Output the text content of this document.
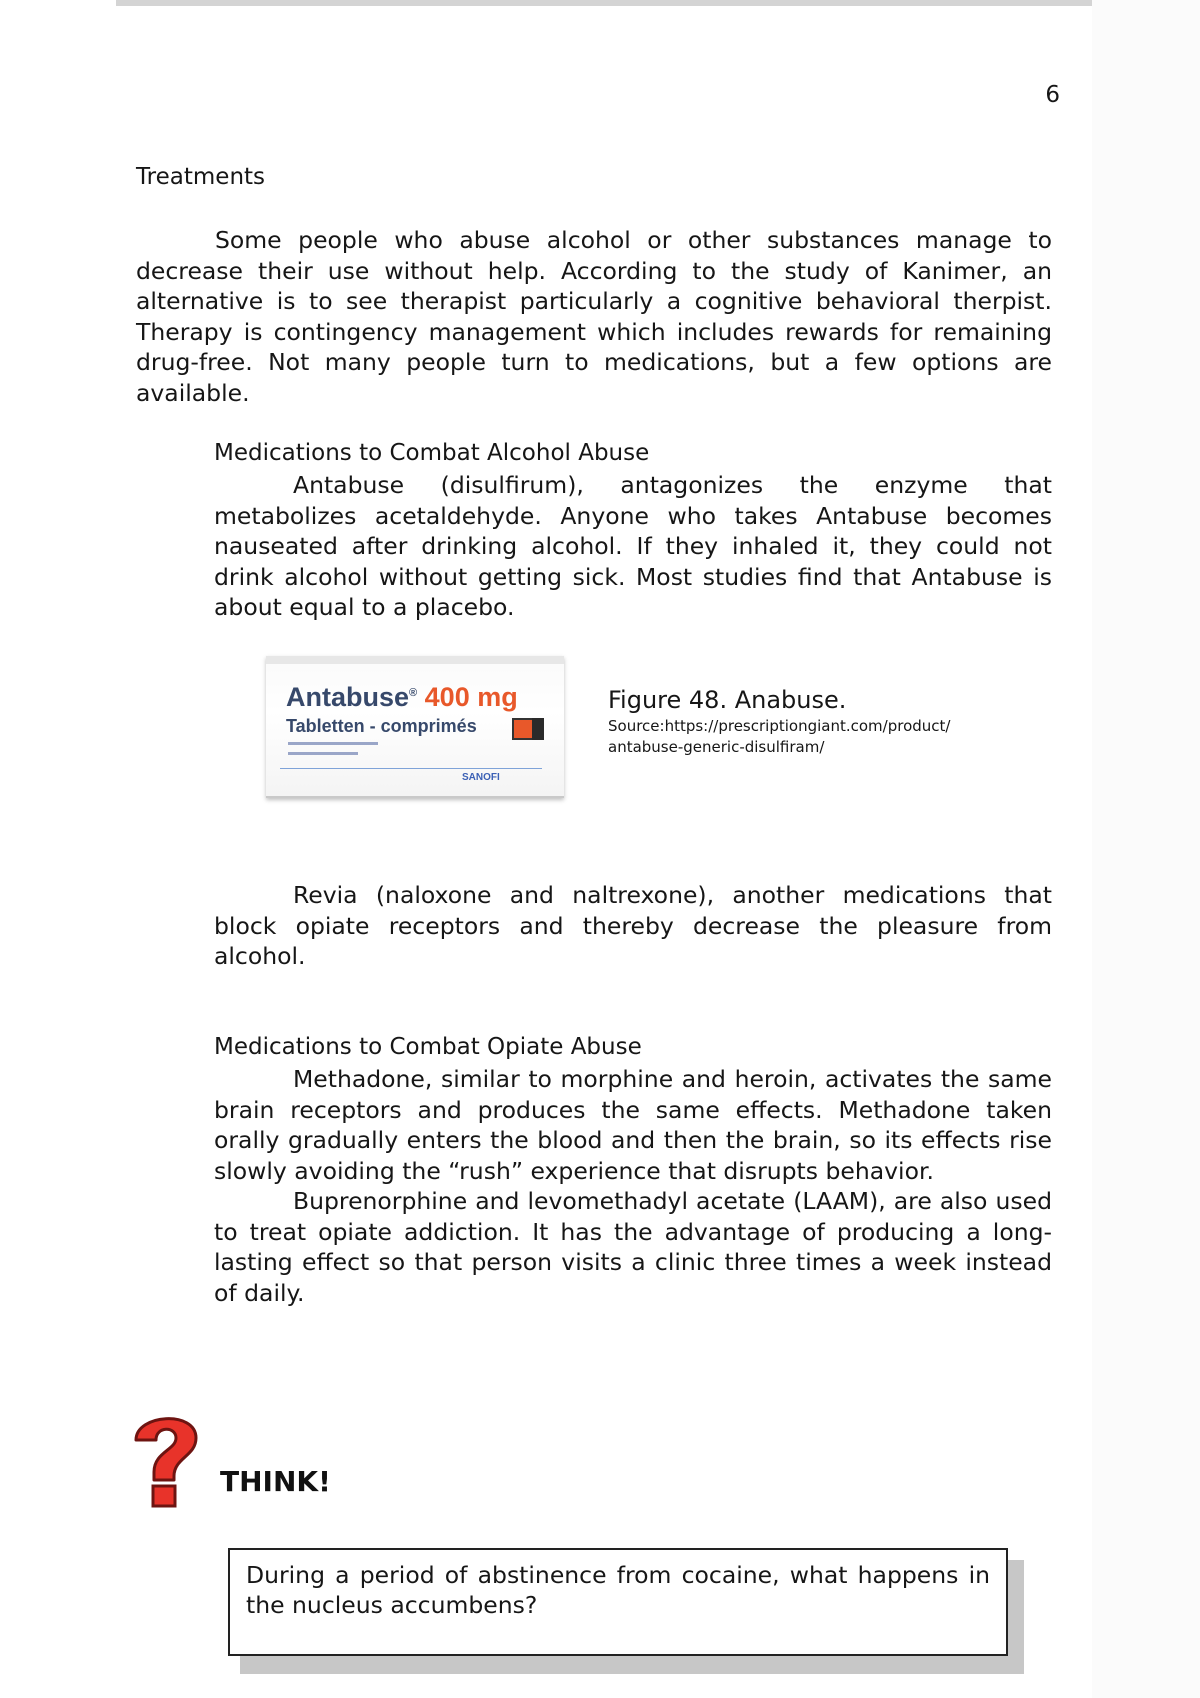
6
Treatments

Some people who abuse alcohol or other substances manage to decrease their use without help. According to the study of Kanimer, an alternative is to see therapist particularly a cognitive behavioral therpist. Therapy is contingency management which includes rewards for remaining drug-free. Not many people turn to medications, but a few options are available.

Medications to Combat Alcohol Abuse

Antabuse (disulfirum), antagonizes the enzyme that metabolizes acetaldehyde. Anyone who takes Antabuse becomes nauseated after drinking alcohol. If they inhaled it, they could not drink alcohol without getting sick. Most studies find that Antabuse is about equal to a placebo.

Antabuse® 400 mg
Tabletten - comprimés
SANOFI
Figure 48. Anabuse.
Source:https://prescriptiongiant.com/product/ antabuse-generic-disulfiram/

Revia (naloxone and naltrexone), another medications that block opiate receptors and thereby decrease the pleasure from alcohol.

Medications to Combat Opiate Abuse

Methadone, similar to morphine and heroin, activates the same brain receptors and produces the same effects. Methadone taken orally gradually enters the blood and then the brain, so its effects rise slowly avoiding the “rush” experience that disrupts behavior.

Buprenorphine and levomethadyl acetate (LAAM), are also used to treat opiate addiction. It has the advantage of producing a long-lasting effect so that person visits a clinic three times a week instead of daily.

THINK!

During a period of abstinence from cocaine, what happens in the nucleus accumbens?
